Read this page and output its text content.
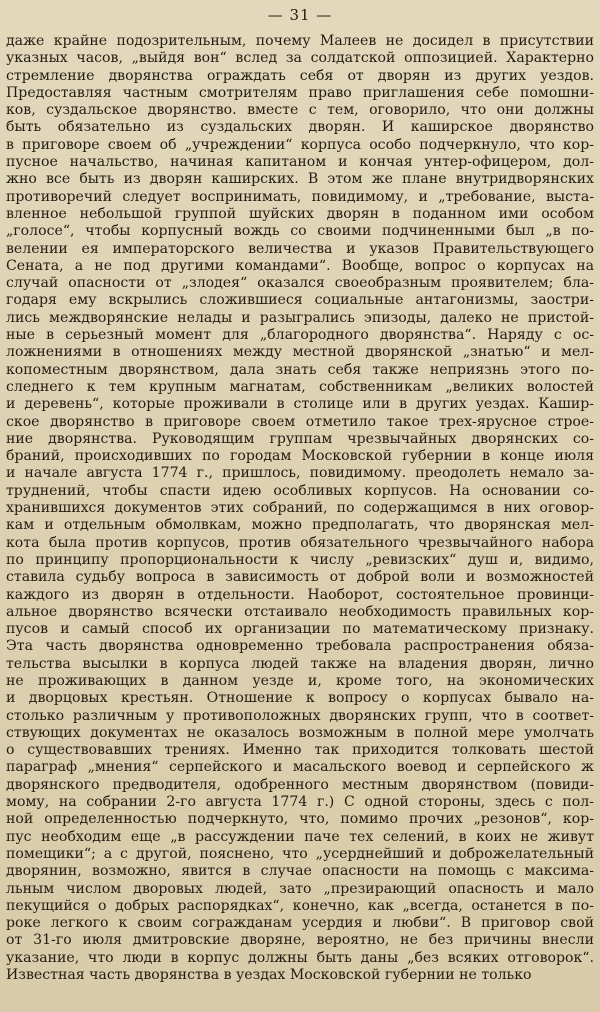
— 31 —
даже крайне подозрительным, почему Малеев не досидел в присутствии
указных часов, „выйдя вон“ вслед за солдатской оппозицией. Характерно
стремление дворянства ограждать себя от дворян из других уездов.
Предоставляя частным смотрителям право приглашения себе помошни-
ков, суздальское дворянство. вместе с тем, оговорило, что они должны
быть обязательно из суздальских дворян. И каширское дворянство
в приговоре своем об „учреждении“ корпуса особо подчеркнуло, что кор-
пусное начальство, начиная капитаном и кончая унтер-офицером, дол-
жно все быть из дворян каширских. В этом же плане внутридворянских
противоречий следует воспринимать, повидимому, и „требование, выста-
вленное небольшой группой шуйских дворян в поданном ими особом
„голосе“, чтобы корпусный вождь со своими подчиненными был „в по-
велении ея императорского величества и указов Правительствующего
Сената, а не под другими командами“. Вообще, вопрос о корпусах на
случай опасности от „злодея“ оказался своеобразным проявителем; бла-
годаря ему вскрылись сложившиеся социальные антагонизмы, заостри-
лись междворянские нелады и разыгрались эпизоды, далеко не пристой-
ные в серьезный момент для „благородного дворянства“. Наряду с ос-
ложнениями в отношениях между местной дворянской „знатью“ и мел-
копоместным дворянством, дала знать себя также неприязнь этого по-
следнего к тем крупным магнатам, собственникам „великих волостей
и деревень“, которые проживали в столице или в других уездах. Кашир-
ское дворянство в приговоре своем отметило такое трех-ярусное строе-
ние дворянства. Руководящим группам чрезвычайных дворянских со-
браний, происходивших по городам Московской губернии в конце июля
и начале августа 1774 г., пришлось, повидимому. преодолеть немало за-
труднений, чтобы спасти идею особливых корпусов. На основании со-
хранившихся документов этих собраний, по содержащимся в них оговор-
кам и отдельным обмолвкам, можно предполагать, что дворянская мел-
кота была против корпусов, против обязательного чрезвычайного набора
по принципу пропорциональности к числу „ревизских“ душ и, видимо,
ставила судьбу вопроса в зависимость от доброй воли и возможностей
каждого из дворян в отдельности. Наоборот, состоятельное провинци-
альное дворянство всячески отстаивало необходимость правильных кор-
пусов и самый способ их организации по математическому признаку.
Эта часть дворянства одновременно требовала распространения обяза-
тельства высылки в корпуса людей также на владения дворян, лично
не проживающих в данном уезде и, кроме того, на экономических
и дворцовых крестьян. Отношение к вопросу о корпусах бывало на-
столько различным у противоположных дворянских групп, что в соответ-
ствующих документах не оказалось возможным в полной мере умолчать
о существовавших трениях. Именно так приходится толковать шестой
параграф „мнения“ серпейского и масальского воевод и серпейского ж
дворянского предводителя, одобренного местным дворянством (повиди-
мому, на собрании 2-го августа 1774 г.) С одной стороны, здесь с пол-
ной определенностью подчеркнуто, что, помимо прочих „резонов“, кор-
пус необходим еще „в рассуждении паче тех селений, в коих не живут
помещики“; а с другой, пояснено, что „усерднейший и доброжелательный
дворянин, возможно, явится в случае опасности на помощь с максима-
льным числом дворовых людей, зато „презирающий опасность и мало
пекущийся о добрых распорядках“, конечно, как „всегда, останется в по-
роке легкого к своим согражданам усердия и любви“. В приговор свой
от 31-го июля дмитровские дворяне, вероятно, не без причины внесли
указание, что люди в корпус должны быть даны „без всяких отговорок“.
Известная часть дворянства в уездах Московской губернии не только
